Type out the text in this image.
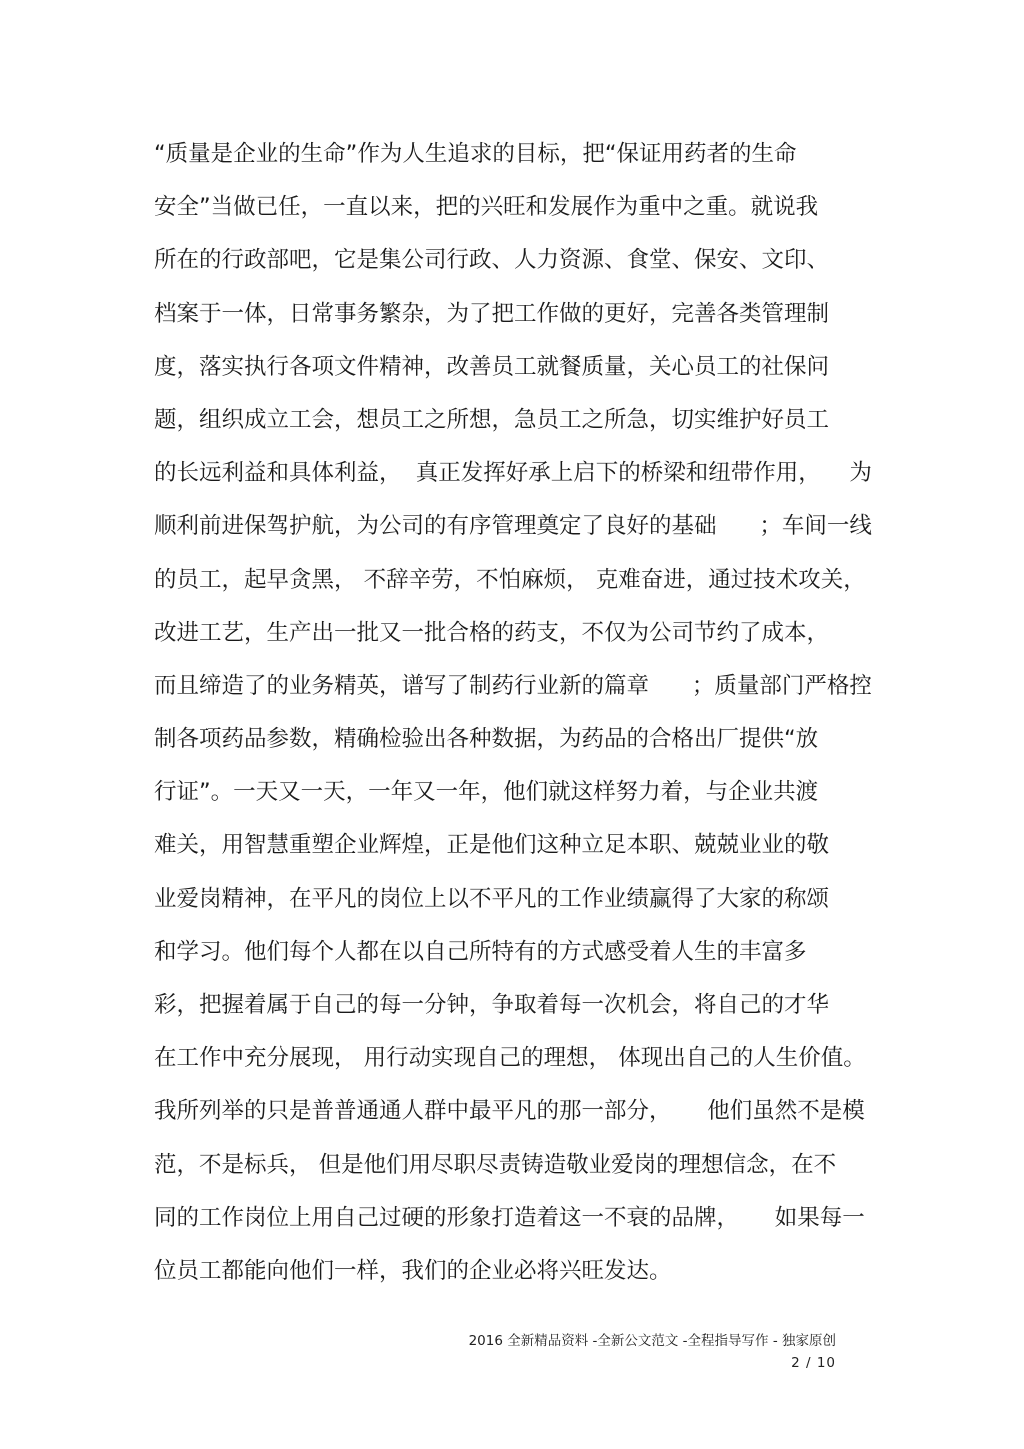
“质量是企业的生命”作为人生追求的目标，把“保证用药者的生命
安全”当做已任，一直以来，把的兴旺和发展作为重中之重。就说我
所在的行政部吧，它是集公司行政、人力资源、食堂、保安、文印、
档案于一体，日常事务繁杂，为了把工作做的更好，完善各类管理制
度，落实执行各项文件精神，改善员工就餐质量，关心员工的社保问
题，组织成立工会，想员工之所想，急员工之所急，切实维护好员工
的长远利益和具体利益，  真正发挥好承上启下的桥梁和纽带作用，    为
顺利前进保驾护航，为公司的有序管理奠定了良好的基础      ；车间一线
的员工，起早贪黑， 不辞辛劳，不怕麻烦， 克难奋进，通过技术攻关，
改进工艺，生产出一批又一批合格的药支，不仅为公司节约了成本，
而且缔造了的业务精英，谱写了制药行业新的篇章      ；质量部门严格控
制各项药品参数，精确检验出各种数据，为药品的合格出厂提供“放
行证”。一天又一天，一年又一年，他们就这样努力着，与企业共渡
难关，用智慧重塑企业辉煌，正是他们这种立足本职、兢兢业业的敬
业爱岗精神，在平凡的岗位上以不平凡的工作业绩赢得了大家的称颂
和学习。他们每个人都在以自己所特有的方式感受着人生的丰富多
彩，把握着属于自己的每一分钟，争取着每一次机会，将自己的才华
在工作中充分展现， 用行动实现自己的理想， 体现出自己的人生价值。
我所列举的只是普普通通人群中最平凡的那一部分，     他们虽然不是模
范，不是标兵， 但是他们用尽职尽责铸造敬业爱岗的理想信念，在不
同的工作岗位上用自己过硬的形象打造着这一不衰的品牌，     如果每一
位员工都能向他们一样，我们的企业必将兴旺发达。
2016 全新精品资料 -全新公文范文 -全程指导写作 - 独家原创
2 / 10
